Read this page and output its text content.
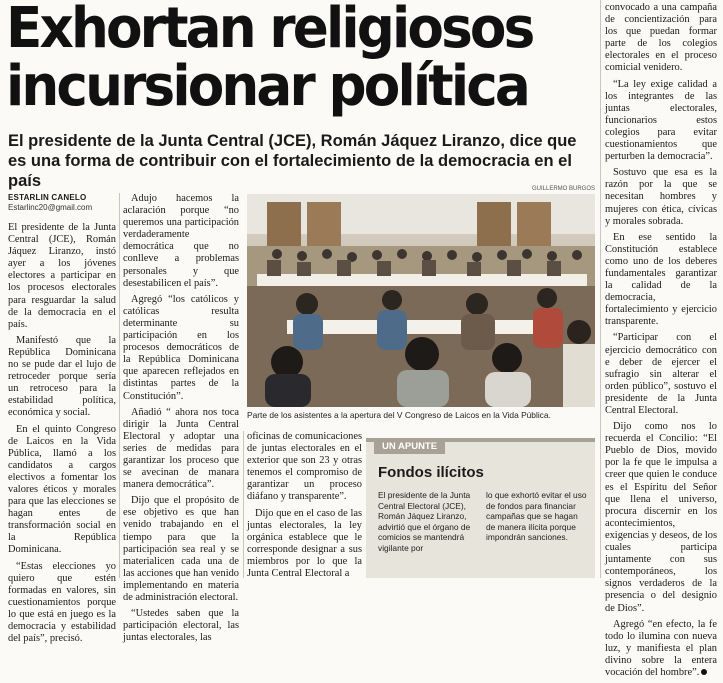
Exhortan religiosos
incursionar política

El presidente de la Junta Central (JCE), Román Jáquez Liranzo, dice que es una forma de contribuir con el fortalecimiento de la democracia en el país

ESTARLIN CANELO
Estarlinc20@gmail.com

El presidente de la Junta Central (JCE), Román Jáquez Liranzo, instó ayer a los jóvenes electores a participar en los procesos electorales para resguardar la salud de la democracia en el país.

Manifestó que la República Dominicana no se pude dar el lujo de retroceder porque sería un retroceso para la estabilidad política, económica y social.

En el quinto Congreso de Laicos en la Vida Pública, llamó a los candidatos a cargos electivos a fomentar los valores éticos y morales para que las elecciones se hagan entes de transformación social en la República Dominicana.

“Estas elecciones yo quiero que estén formadas en valores, sin cuestionamientos porque lo que está en juego es la democracia y estabilidad del país”, precisó.

Adujo hacemos la aclaración porque “no queremos una participación verdaderamente democrática que no conlleve a problemas personales y que desestabilicen el país”.

Agregó “los católicos y católicas resulta determinante su participación en los procesos democráticos de la República Dominicana que aparecen reflejados en distintas partes de la Constitución”.

Añadió “ ahora nos toca dirigir la Junta Central Electoral y adoptar una series de medidas para garantizar los proceso que se avecinan de manara manera democrática”.

Dijo que el propósito de ese objetivo es que han venido trabajando en el tiempo para que la participación sea real y se materialicen cada una de las acciones que han venido implementando en materia de administración electoral.

“Ustedes saben que la participación electoral, las juntas electorales, las

GUILLERMO BURGOS
Parte de los asistentes a la apertura del V Congreso de Laicos en la Vida Pública.

oficinas de comunicaciones de juntas electorales en el exterior que son 23 y otras tenemos el compromiso de garantizar un proceso diáfano y transparente”.

Dijo que en el caso de las juntas electorales, la ley orgánica establece que le corresponde designar a sus miembros por lo que la Junta Central Electoral a

UN APUNTE
Fondos ilícitos
El presidente de la Junta Central Electoral (JCE), Román Jáquez Liranzo, advirtió que el órgano de comicios se mantendrá vigilante por
lo que exhortó evitar el uso de fondos para financiar campañas que se hagan de manera ilícita porque impondrán sanciones.

convocado a una campaña de concientización para los que puedan formar parte de los colegios electorales en el proceso comicial venidero.

“La ley exige calidad a los integrantes de las juntas electorales, funcionarios estos colegios para evitar cuestionamientos que perturben la democracia”.

Sostuvo que esa es la razón por la que se necesitan hombres y mujeres con ética, cívicas y morales sobrada.

En ese sentido la Constitución establece como uno de los deberes fundamentales garantizar la calidad de la democracia, fortalecimiento y ejercicio transparente.

“Participar con el ejercicio democrático con e deber de ejercer el sufragio sin alterar el orden público”, sostuvo el presidente de la Junta Central Electoral.

Dijo como nos lo recuerda el Concilio: “El Pueblo de Dios, movido por la fe que le impulsa a creer que quien le conduce es el Espíritu del Señor que llena el universo, procura discernir en los acontecimientos, exigencias y deseos, de los cuales participa juntamente con sus contemporáneos, los signos verdaderos de la presencia o del designio de Dios”.

Agregó “en efecto, la fe todo lo ilumina con nueva luz, y manifiesta el plan divino sobre la entera vocación del hombre”.
